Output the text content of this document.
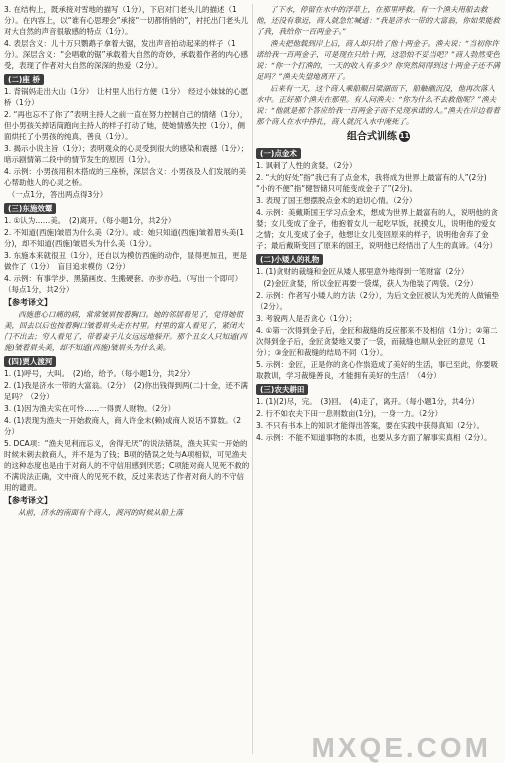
3. 在结构上，既承接对雪地的描写（1分），下启对门老头儿的描述（1分）。在内容上，以“谁有心思理会”承接“一切都悄悄的”，衬托出门老头儿对大自然的声音很敏感的特点（1分）。

4. 表层含义：儿十万只鹦鹉子拿着大锯，发出声音拍动起来的样子（1分）。深层含义：“会唱歌的锯”承载着大自然的奇妙，承载着作者的内心感受，表现了作者对大自然的深深的热爱（2分）。

(二)座 桥

1. 背锅妈走出大山（1分）　让村里人出行方便（1分）　经过小妹妹的心愿桥（1分）

2. “再也忘不了你了”表明主持人之前一直在努力控制自己的情绪（1分），但小男孩关掉话筒跑向主持人的样子打动了她，使她情感失控（1分），侧面烘托了小男孩的纯真、善良（1分）。

3. 揭示小说主旨（1分）；表明观众的心灵受到很大的感染和震撼（1分）；暗示剧情第二段中的情节发生的原因（1分）。

4. 示例：小男孩用积木搭成的三座桥，深层含义：小男孩及人们发展的美心帮助他人的心灵之桥。

　（一点1分，答出两点得3分）

(三)东施效颦

1. ①认为……美。　(2)离开。（每小题1分，共2分）

2. 不知道(西施)皱眉为什么美（2分）。或：她只知道(西施)皱着眉头美(1分)，却不知道(西施)皱眉头为什么美（1分）。

3. 东施本来就很丑（1分），还自以为模仿西施的动作，显得更加丑，更是做作了（1分）　盲目追求模仿（2分）

4. 示例：有事学步、黑猫画皮、生搬硬套、亦步亦趋。（写出一个即可）（每点1分，共2分）

【参考译文】

西施患心口痛的病，常常皱眉按着胸口。她的邻居看见了，觉得她很美，回去以后也按着胸口皱着眉头走在村里。村里的富人看见了，紧闭大门不出去；穷人看见了，带着妻子儿女远远地躲开。那个丑女人只知道(西施)皱着眉头美，却不知道(西施)皱眉头为什么美。

(四)贾人渡河

1. (1)呼号，大叫。　(2)给，给予。（每小题1分，共2分）

2. (1)我是济水一带的大富翁。（2分）　(2)你出钱得到两(二)十金，还不满足吗？（2分）

3. (1)因为渔夫实在可怜……一得贾人财物。（2分）

4. (1)表现为渔夫一开始救商人，商人许金未(赖)或商人说话不算数。（2分）

5. DCA项：“渔夫见利而忘义，舍得无厌”的说法错误，渔夫其实一开始的时候未刺去救商人，并不是为了钱；B项的错误之处与A项相似，可见渔夫的这种态度也是由于对商人的不守信用感到厌恶；C项能对商人见死不救的不满说法正确，文中商人的见死不救，反过来表达了作者对商人的不守信用的谴责。

【参考译文】

从前，济水的南面有个商人，渡河的时候从船上落

了下水，停留在水中的浮草上，在那里呼救。有一个渔夫用船去救他，还没有靠近，商人就急忙喊道：“我是济水一带的大富翁，你如果能救了我，我给你一百两金子。”

渔夫把他载到岸上后，商人却只给了他十两金子。渔夫说：“当初你许诺给我一百两金子，可是现在只给十两，这恐怕不妥当吧？”商人勃然变色说：“你一个打渔的，一天的收入有多少？你突然间得到这十两金子还不满足吗？”渔夫失望地离开了。

后来有一天，这个商人乘船顺吕梁湖而下，船触礁沉没，他再次落入水中。正好那个渔夫在那里。有人问渔夫：“你为什么不去救他呢？”渔夫说：“他就是那个答应给我一百两金子而不兑现承诺的人。”渔夫在岸边看着那个商人在水中挣扎，商人就沉入水中淹死了。

组合式训练 11
(一)点金术

1. 讽刺了人性的贪婪。（2分）

2. “大的好处”指“我已有了点金术，我将成为世界上最富有的人”(2分)　“小的不便”指“健智储只可能变成金子了”(2分)。

3. 表现了国王想摆脱点金术的迫切心情。（2分）

4. 示例：美戴斯国王学习点金术，想成为世界上最富有的人，说明他的贪婪；女儿变成了金子，他抱着女儿一起吃早饭，抚摸女儿，说明他的爱女之情；女儿变成了金子，他想让女儿变回原来的样子，说明他舍弃了金子；最后戴斯变回了原来的国王，说明他已经悟出了人生的真谛。（4分）

(二)小矮人的礼物

1. (1)贪财的裁缝和金匠从矮人那里意外地得到一笔财富（2分）

　(2)金匠贪婪，所以金匠再要一袋煤，获人为他装了两袋。（2分）

2. 示例：作者写小矮人的方法（2分），为后文金匠被认为光秃的人做铺垫（2分）。

3. 考貌两人是否贪心（1分）；

4. ①第一次得到金子后，金匠和裁缝的反应都来不及相信（1分）；②第二次得到金子后，金匠贪婪地又要了一袋，而裁缝也顺从金匠的意见（1分）；③金匠和裁缝的结局不同（1分）。

5. 示例：金匠，正是你的贪心作祟造成了美好的生活，事已至此，你要吸取教训，学习裁缝善良，才能拥有美好的生活！（4分）

(三)农夫耕田

1. (1)(2)尽，完。　(3)回。　(4)走了，离开。（每小题1分，共4分）

2. 行不如农夫下田一息则数亩(1分)，一身一力。（2分）

3. 不只有书本上的知识才能得出答案，要在实践中获得真知（2分）。

4. 示例：不能不知道事物的本质，也要从多方面了解事实真相（2分）。

MXQE.COM
